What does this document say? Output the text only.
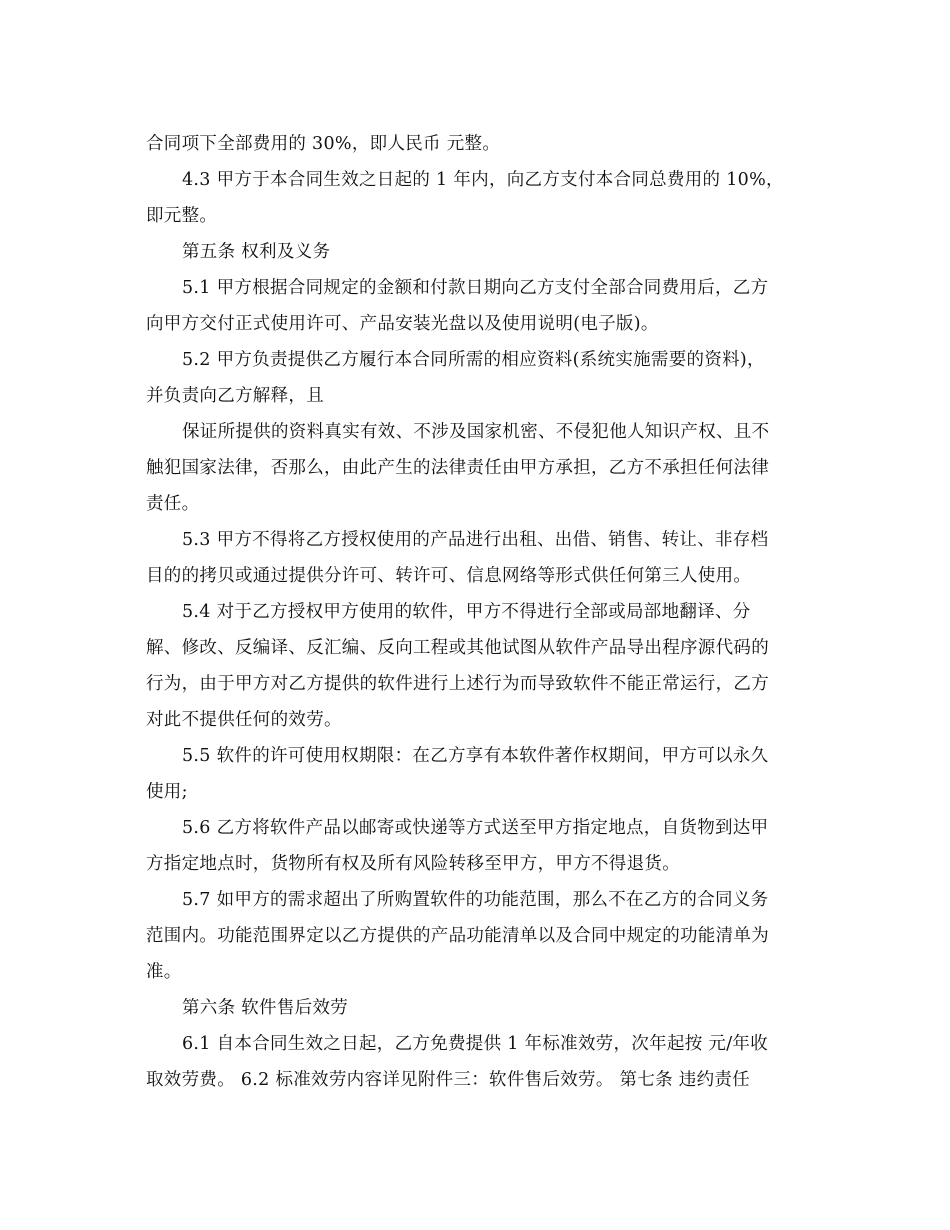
合同项下全部费用的 30%，即人民币 元整。

4.3 甲方于本合同生效之日起的 1 年内，向乙方支付本合同总费用的 10%，
即元整。

第五条 权利及义务

5.1 甲方根据合同规定的金额和付款日期向乙方支付全部合同费用后，乙方
向甲方交付正式使用许可、产品安装光盘以及使用说明(电子版)。

5.2 甲方负责提供乙方履行本合同所需的相应资料(系统实施需要的资料)，
并负责向乙方解释，且

保证所提供的资料真实有效、不涉及国家机密、不侵犯他人知识产权、且不
触犯国家法律，否那么，由此产生的法律责任由甲方承担，乙方不承担任何法律
责任。

5.3 甲方不得将乙方授权使用的产品进行出租、出借、销售、转让、非存档
目的的拷贝或通过提供分许可、转许可、信息网络等形式供任何第三人使用。

5.4 对于乙方授权甲方使用的软件，甲方不得进行全部或局部地翻译、分
解、修改、反编译、反汇编、反向工程或其他试图从软件产品导出程序源代码的
行为，由于甲方对乙方提供的软件进行上述行为而导致软件不能正常运行，乙方
对此不提供任何的效劳。

5.5 软件的许可使用权期限：在乙方享有本软件著作权期间，甲方可以永久
使用;

5.6 乙方将软件产品以邮寄或快递等方式送至甲方指定地点，自货物到达甲
方指定地点时，货物所有权及所有风险转移至甲方，甲方不得退货。

5.7 如甲方的需求超出了所购置软件的功能范围，那么不在乙方的合同义务
范围内。功能范围界定以乙方提供的产品功能清单以及合同中规定的功能清单为
准。

第六条 软件售后效劳

6.1 自本合同生效之日起，乙方免费提供 1 年标准效劳，次年起按 元/年收
取效劳费。 6.2 标准效劳内容详见附件三：软件售后效劳。 第七条 违约责任
